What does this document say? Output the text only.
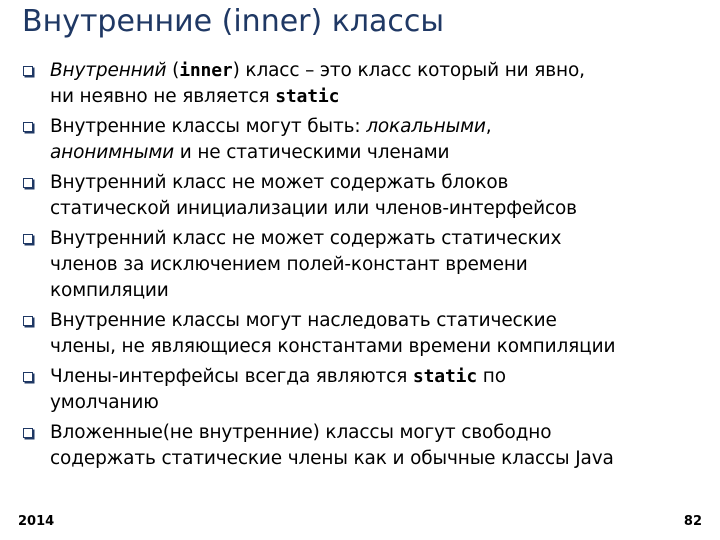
Внутренние (inner) классы
Внутренний (inner) класс – это класс который ни явно,
ни неявно не является static
Внутренние классы могут быть: локальными,
анонимными и не статическими членами
Внутренний класс не может содержать блоков
статической инициализации или членов-интерфейсов
Внутренний класс не может содержать статических
членов за исключением полей-констант времени
компиляции
Внутренние классы могут наследовать статические
члены, не являющиеся константами времени компиляции
Члены-интерфейсы всегда являются static по
умолчанию
Вложенные(не внутренние) классы могут свободно
содержать статические члены как и обычные классы Java
2014	82
